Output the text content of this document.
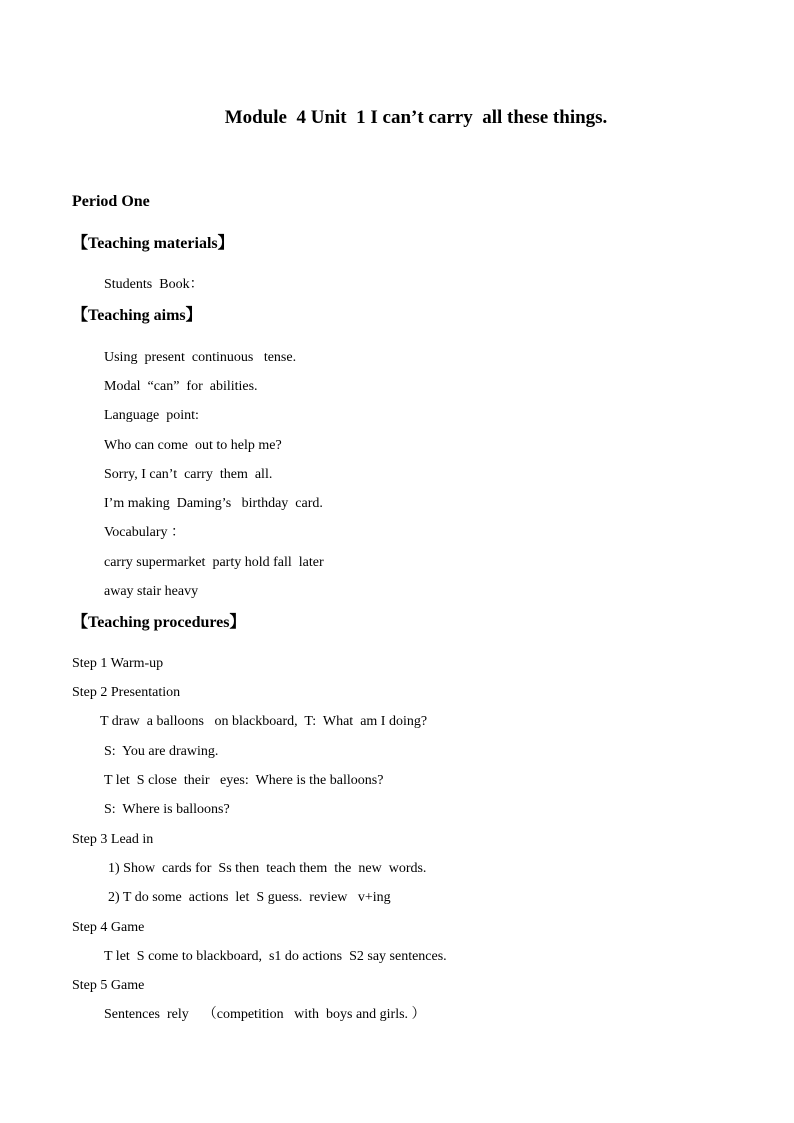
Module  4 Unit  1 I can’t carry  all these things.
Period One
【Teaching materials】
Students  Book：
【Teaching aims】
Using  present  continuous   tense.
Modal  “can”  for  abilities.
Language  point:
Who can come  out to help me?
Sorry, I can’t  carry  them  all.
I’m making  Daming’s   birthday  card.
Vocabulary ：
carry supermarket  party hold fall  later
away stair heavy
【Teaching procedures】
Step 1 Warm-up
Step 2 Presentation
T draw  a balloons   on blackboard,  T:  What  am I doing?
S:  You are drawing.
T let  S close  their   eyes:  Where is the balloons?
S:  Where is balloons?
Step 3 Lead in
1) Show  cards for  Ss then  teach them  the  new  words.
2) T do some  actions  let  S guess.  review   v+ing
Step 4 Game
T let  S come to blackboard,  s1 do actions  S2 say sentences.
Step 5 Game
Sentences  rely    （competition   with  boys and girls. ）
